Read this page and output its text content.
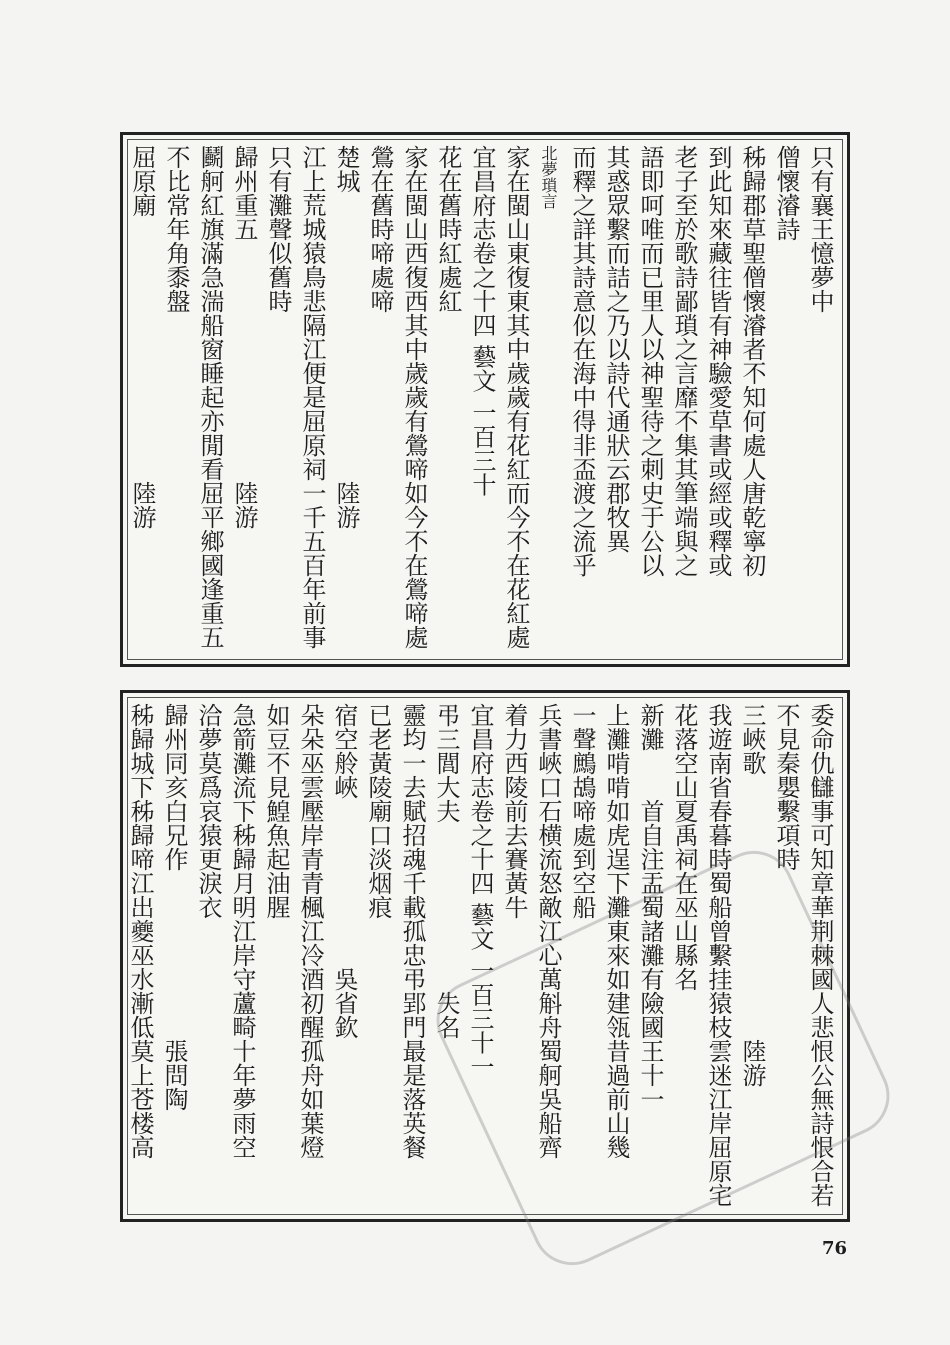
只有襄王憶夢中
僧懷濬詩
秭歸郡草聖僧懷濬者不知何處人唐乾寧初
到此知來藏往皆有神驗愛草書或經或釋或
老子至於歌詩鄙瑣之言靡不集其筆端與之
語即呵唯而已里人以神聖待之刺史于公以
其惑眾繫而詰之乃以詩代通狀云郡牧異
而釋之詳其詩意似在海中得非盃渡之流乎
北夢瑣言
家在閩山東復東其中歲歲有花紅而今不在花紅處
宜昌府志卷之十四 藝文 一百三十
花在舊時紅處紅
家在閩山西復西其中歲歲有鶯啼如今不在鶯啼處
鶯在舊時啼處啼
楚城　　　　　　　　　　　　陸游
江上荒城猿鳥悲隔江便是屈原祠一千五百年前事
只有灘聲似舊時
歸州重五　　　　　　　　　　陸游
鬬舸紅旗滿急湍船窗睡起亦閒看屈平鄉國逢重五
不比常年角黍盤
屈原廟　　　　　　　　　　　陸游
委命仇讎事可知章華荆棘國人悲恨公無詩恨合若
不見秦嬰繫項時
三峽歌　　　　　　　　　　　陸游
我遊南省春暮時蜀船曾繫挂猿枝雲迷江岸屈原宅
花落空山夏禹祠在巫山縣名
新灘　　首自注盂蜀諸灘有險國王十一
上灘啃啃如虎逞下灘東來如建瓴昔過前山幾
一聲鷓鴣啼處到空船
兵書峽口石横流怒敵江心萬斛舟蜀舸吳船齊
着力西陵前去賽黃牛
宜昌府志卷之十四 藝文 一百三十一
弔三閭大夫　　　　　　　失名
靈均一去賦招魂千載孤忠弔郢門最是落英餐
已老黃陵廟口淡烟痕
宿空舲峽　　　　　　　吳省欽
朵朵巫雲壓岸青青楓江冷酒初醒孤舟如葉燈
如豆不見鰉魚起油腥
急箭灘流下秭歸月明江岸守蘆畸十年夢雨空
洽夢莫爲哀猿更淚衣
歸州同亥白兄作　　　　　　　張問陶
秭歸城下秭歸啼江出夔巫水漸低莫上苍楼高
76
